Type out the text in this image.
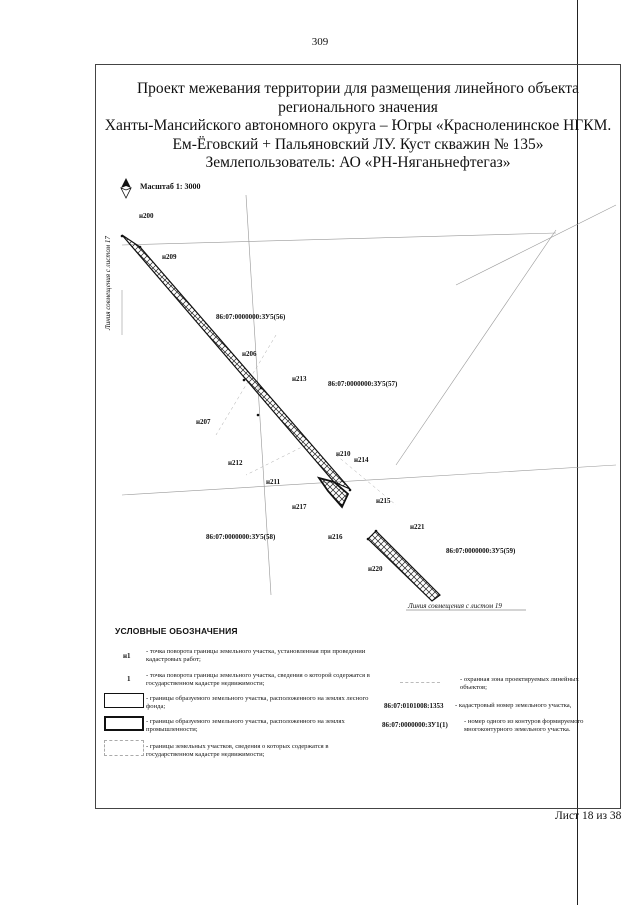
309
Проект межевания территории для размещения линейного объекта
регионального значения
Ханты-Мансийского автономного округа – Югры «Красноленинское НГКМ.
Ем-Ёговский + Пальяновский ЛУ. Куст скважин № 135»
Землепользователь: АО «РН-Няганьнефтегаз»
Масштаб 1: 3000
Линия совмещения с листом 17
Линия совмещения с листом 19
н200
н209
н206
н213
н207
н212
н211
н210
н214
н215
н217
н216
н221
н220
86:07:0000000:ЗУ5(56)
86:07:0000000:ЗУ5(57)
86:07:0000000:ЗУ5(58)
86:07:0000000:ЗУ5(59)
УСЛОВНЫЕ ОБОЗНАЧЕНИЯ
н1
- точка поворота границы земельного участка, установленная при проведении кадастровых работ;
1 - точка поворота границы земельного участка, сведения о которой содержатся в государственном кадастре недвижимости;
- границы образуемого земельного участка, расположенного на землях лесного фонда;
- границы образуемого земельного участка, расположенного на землях промышленности;
- границы земельных участков, сведения о которых содержатся в государственном кадастре недвижимости;
- охранная зона проектируемых линейных объектов;
86:07:0101008:1353 - кадастровый номер земельного участка,
86:07:0000000:ЗУ1(1) - номер одного из контуров формируемого многоконтурного земельного участка.
Лист 18 из 38
